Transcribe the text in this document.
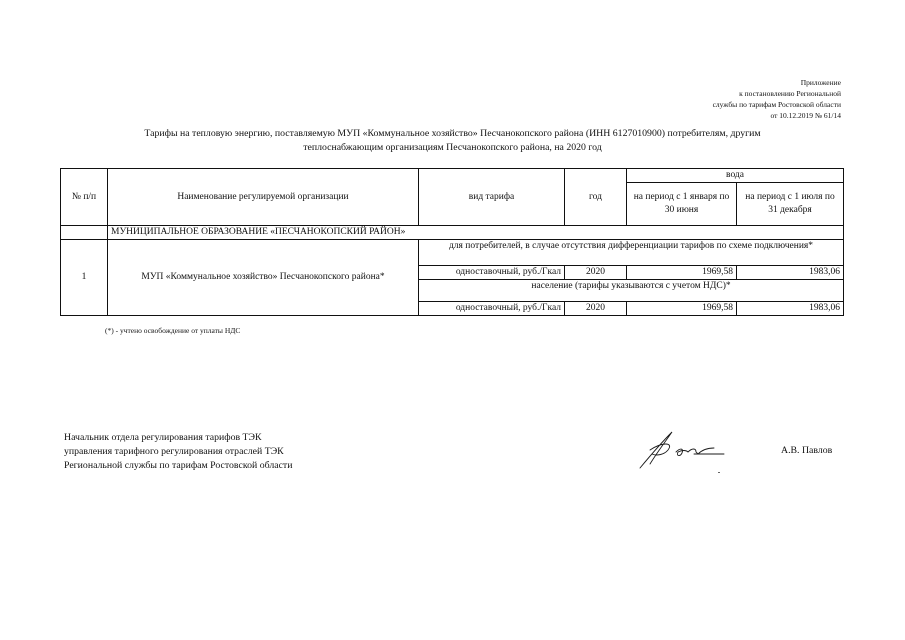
Приложение
к постановлению Региональной
службы по тарифам Ростовской области
от 10.12.2019 № 61/14
Тарифы на тепловую энергию, поставляемую МУП «Коммунальное хозяйство» Песчанокопского района (ИНН 6127010900) потребителям, другим
теплоснабжающим организациям Песчанокопского района, на 2020 год
№ п/п	Наименование регулируемой организации	вид тарифа	год	вода	
				на период с 1 января по 30 июня	на период с 1 июля по 31 декабря
	МУНИЦИПАЛЬНОЕ ОБРАЗОВАНИЕ «ПЕСЧАНОКОПСКИЙ РАЙОН»				
1	МУП «Коммунальное хозяйство» Песчанокопского района*	для потребителей, в случае отсутствия дифференциации тарифов по схеме подключения*			
		одноставочный, руб./Гкал	2020	1969,58	1983,06
		население (тарифы указываются с учетом НДС)*			
		одноставочный, руб./Гкал	2020	1969,58	1983,06
(*) - учтено освобождение от уплаты НДС
Начальник отдела регулирования тарифов ТЭК
управления тарифного регулирования отраслей ТЭК
Региональной службы по тарифам Ростовской области
А.В. Павлов
